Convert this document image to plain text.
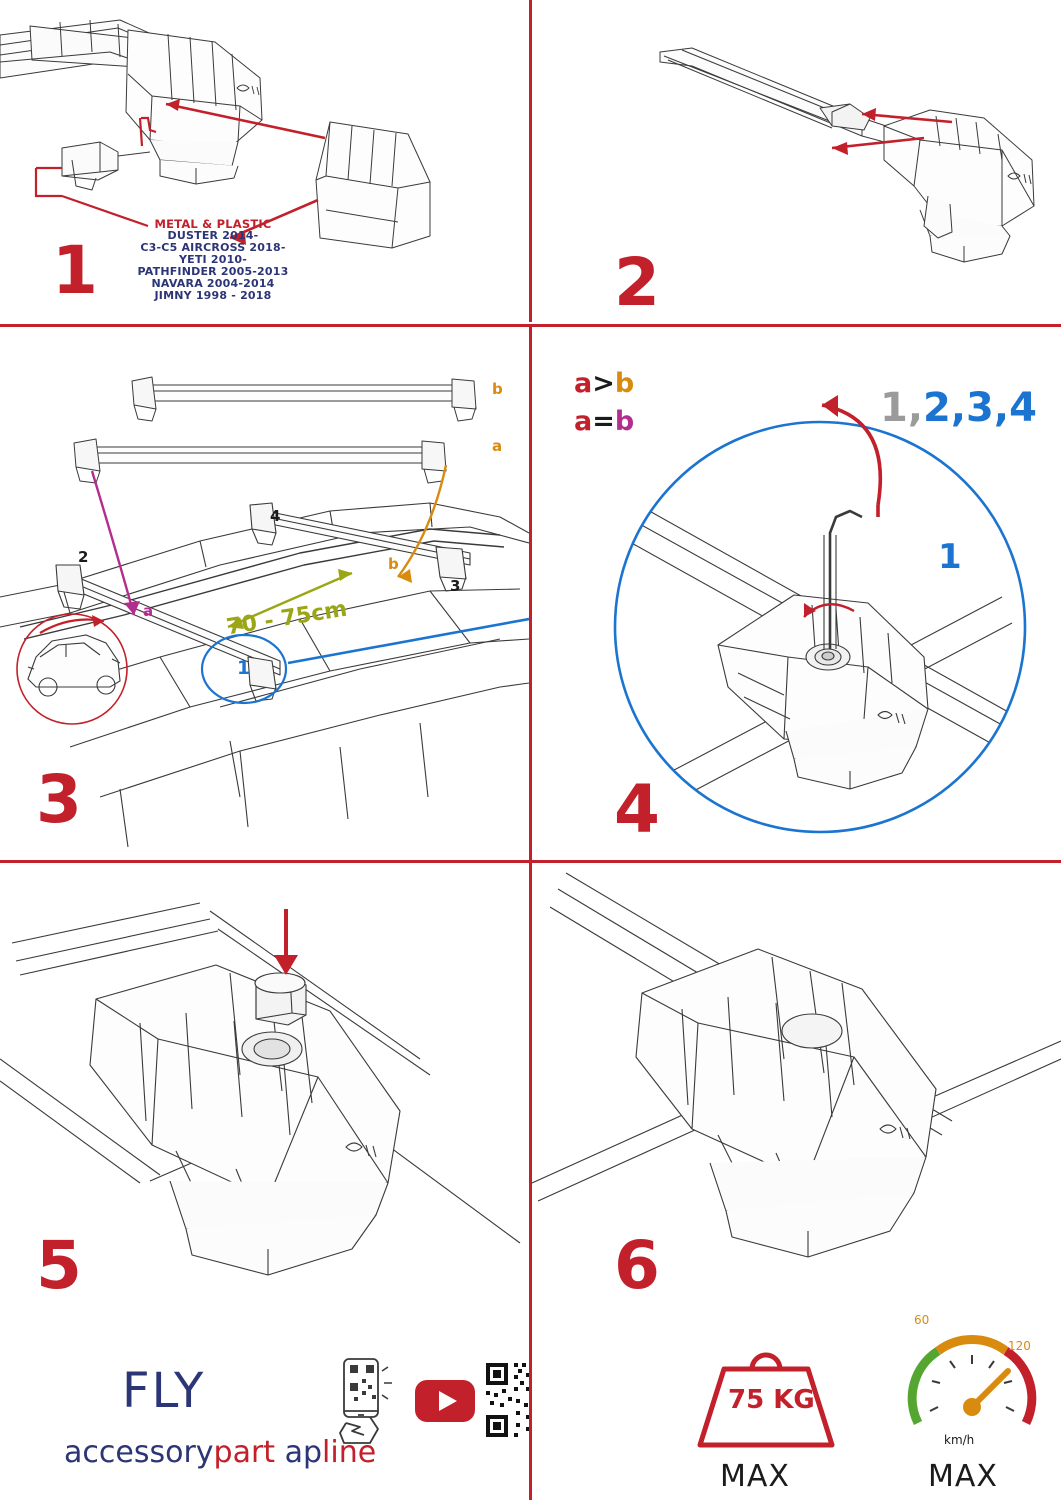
METAL & PLASTIC
DUSTER 2014-
C3-C5 AIRCROSS 2018-
YETI 2010-
PATHFINDER 2005-2013
NAVARA 2004-2014
JIMNY 1998 - 2018
1	2
b
a
2
4
3
1
a
b
70 - 75cm
3
a>b
a=b	1,2,3,4
1
4
5
FLY
accessorypart apline
6
75 KG
MAX
60
120
km/h
MAX
